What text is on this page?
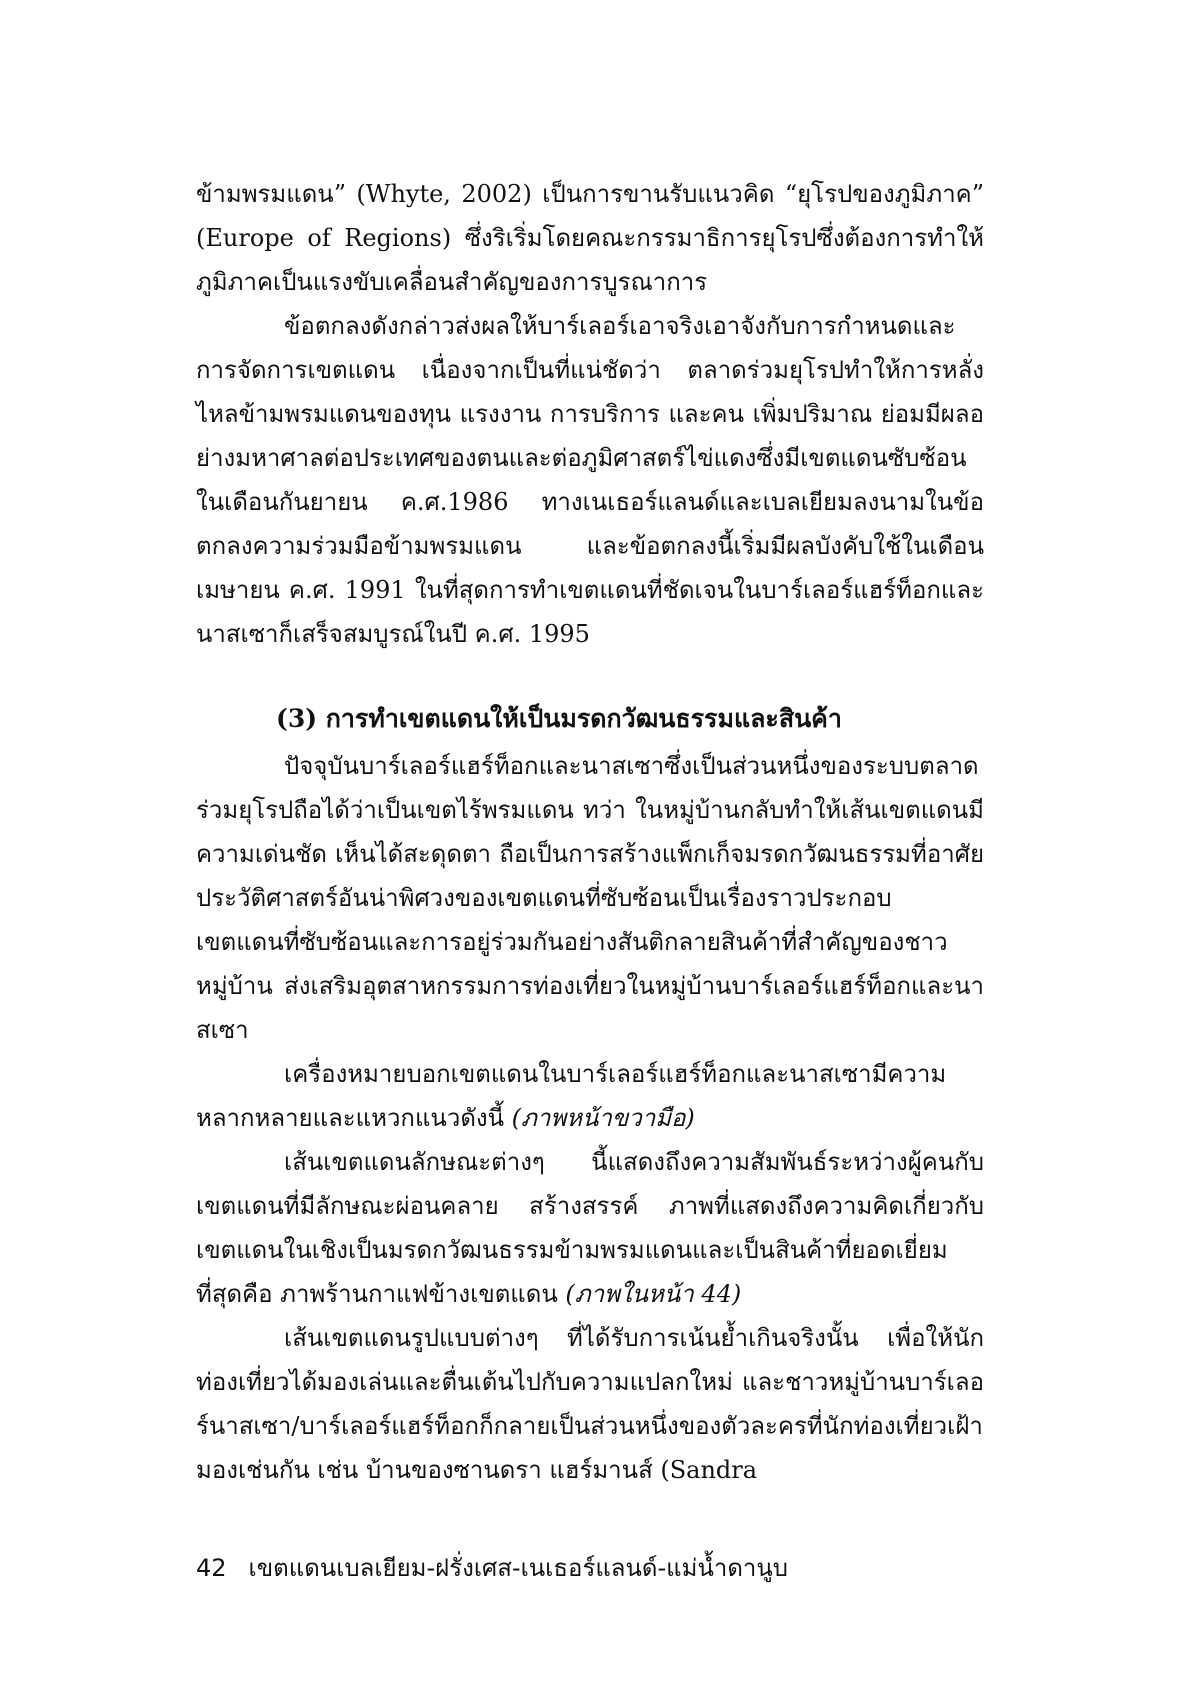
ข้ามพรมแดน” (Whyte, 2002) เป็นการขานรับแนวคิด “ยุโรปของภูมิภาค” (Europe of Regions) ซึ่งริเริ่มโดยคณะกรรมาธิการยุโรปซึ่งต้องการทำให้ภูมิภาคเป็นแรงขับเคลื่อนสำคัญของการบูรณาการ

ข้อตกลงดังกล่าวส่งผลให้บาร์เลอร์เอาจริงเอาจังกับการกำหนดและการจัดการเขตแดน เนื่องจากเป็นที่แน่ชัดว่า ตลาดร่วมยุโรปทำให้การหลั่งไหลข้ามพรมแดนของทุน แรงงาน การบริการ และคน เพิ่มปริมาณ ย่อมมีผลอย่างมหาศาลต่อประเทศของตนและต่อภูมิศาสตร์ไข่แดงซึ่งมีเขตแดนซับซ้อน ในเดือนกันยายน ค.ศ.1986 ทางเนเธอร์แลนด์และเบลเยียมลงนามในข้อตกลงความร่วมมือข้ามพรมแดน และข้อตกลงนี้เริ่มมีผลบังคับใช้ในเดือนเมษายน ค.ศ. 1991 ในที่สุดการทำเขตแดนที่ชัดเจนในบาร์เลอร์แฮร์ท็อกและนาสเซาก็เสร็จสมบูรณ์ในปี ค.ศ. 1995

(3) การทำเขตแดนให้เป็นมรดกวัฒนธรรมและสินค้า

ปัจจุบันบาร์เลอร์แฮร์ท็อกและนาสเซาซึ่งเป็นส่วนหนึ่งของระบบตลาดร่วมยุโรปถือได้ว่าเป็นเขตไร้พรมแดน ทว่า ในหมู่บ้านกลับทำให้เส้นเขตแดนมีความเด่นชัด เห็นได้สะดุดตา ถือเป็นการสร้างแพ็กเก็จมรดกวัฒนธรรมที่อาศัยประวัติศาสตร์อันน่าพิศวงของเขตแดนที่ซับซ้อนเป็นเรื่องราวประกอบ เขตแดนที่ซับซ้อนและการอยู่ร่วมกันอย่างสันติกลายสินค้าที่สำคัญของชาวหมู่บ้าน ส่งเสริมอุตสาหกรรมการท่องเที่ยวในหมู่บ้านบาร์เลอร์แฮร์ท็อกและนาสเซา

เครื่องหมายบอกเขตแดนในบาร์เลอร์แฮร์ท็อกและนาสเซามีความหลากหลายและแหวกแนวดังนี้ (ภาพหน้าขวามือ)

เส้นเขตแดนลักษณะต่างๆ นี้แสดงถึงความสัมพันธ์ระหว่างผู้คนกับเขตแดนที่มีลักษณะผ่อนคลาย สร้างสรรค์ ภาพที่แสดงถึงความคิดเกี่ยวกับเขตแดนในเชิงเป็นมรดกวัฒนธรรมข้ามพรมแดนและเป็นสินค้าที่ยอดเยี่ยมที่สุดคือ ภาพร้านกาแฟข้างเขตแดน (ภาพในหน้า 44)

เส้นเขตแดนรูปแบบต่างๆ ที่ได้รับการเน้นย้ำเกินจริงนั้น เพื่อให้นักท่องเที่ยวได้มองเล่นและตื่นเต้นไปกับความแปลกใหม่ และชาวหมู่บ้านบาร์เลอร์นาสเซา/บาร์เลอร์แฮร์ท็อกก็กลายเป็นส่วนหนึ่งของตัวละครที่นักท่องเที่ยวเฝ้ามองเช่นกัน เช่น บ้านของซานดรา แฮร์มานส์ (Sandra

42 เขตแดนเบลเยียม-ฝรั่งเศส-เนเธอร์แลนด์-แม่น้ำดานูบ
